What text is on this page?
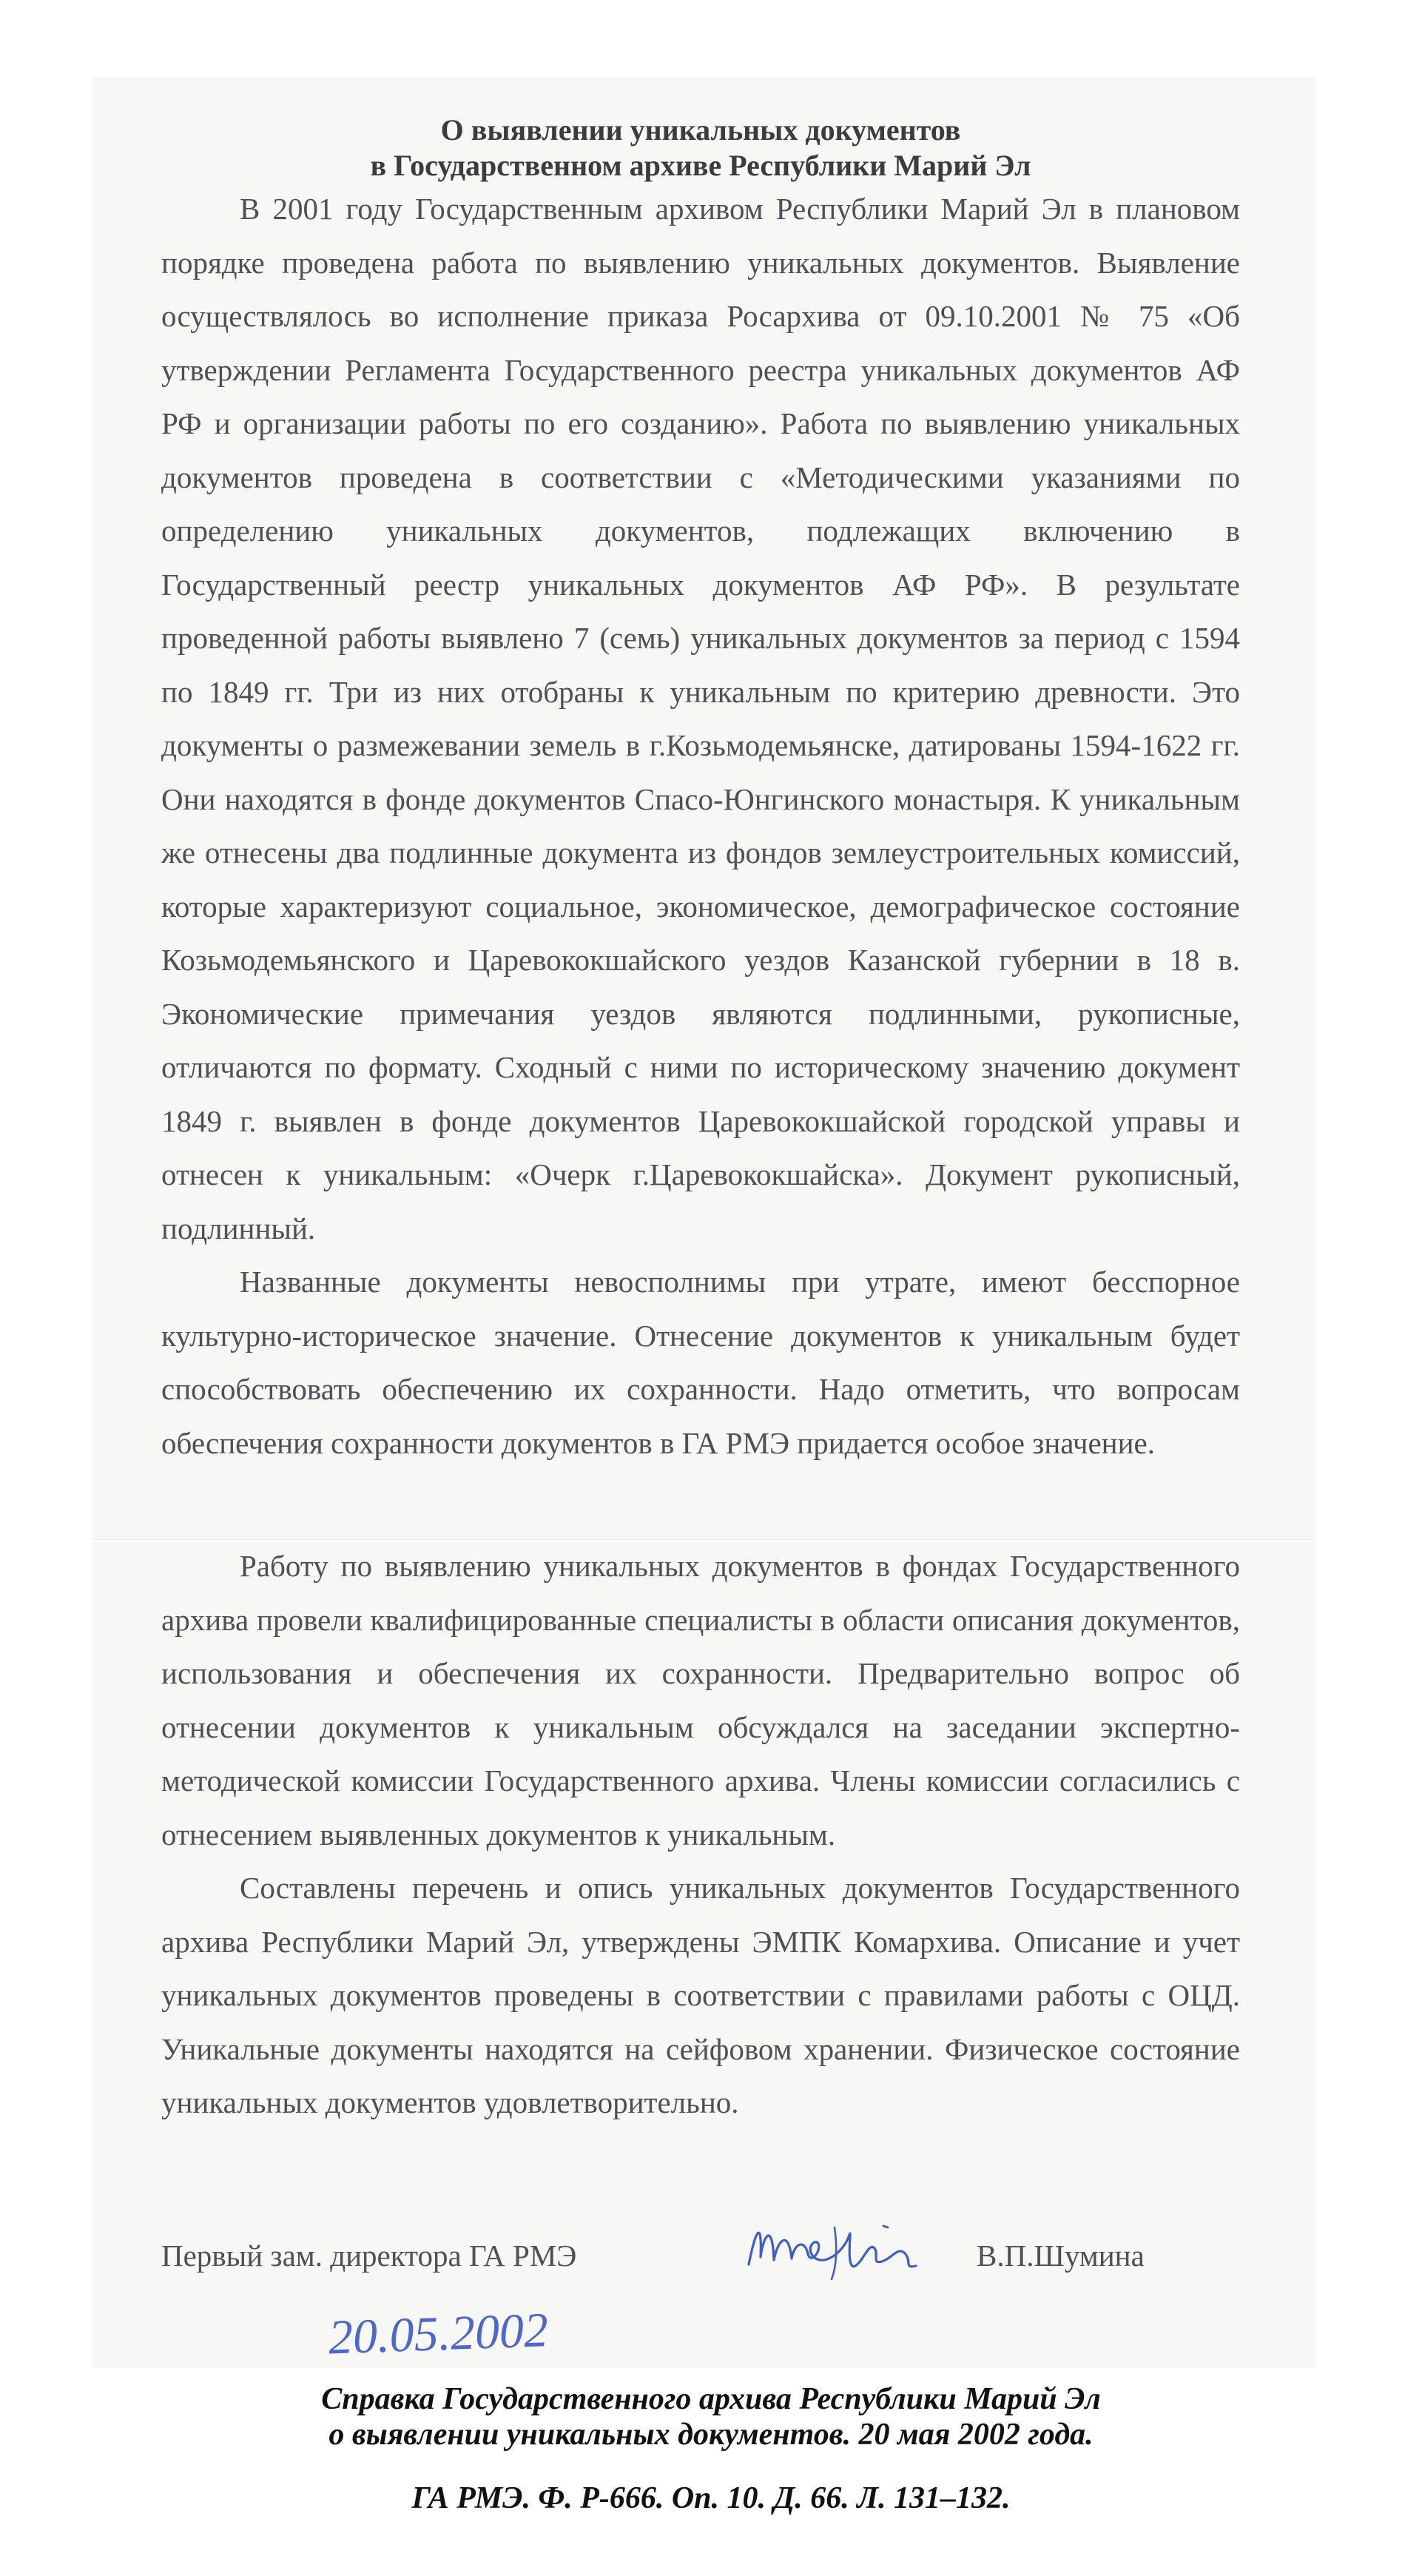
О выявлении уникальных документов
в Государственном архиве Республики Марий Эл

В 2001 году Государственным архивом Республики Марий Эл в плановом порядке проведена работа по выявлению уникальных документов. Выявление осуществлялось во исполнение приказа Росархива от 09.10.2001 № 75 «Об утверждении Регламента Государственного реестра уникальных документов АФ РФ и организации работы по его созданию». Работа по выявлению уникальных документов проведена в соответствии с «Методическими указаниями по определению уникальных документов, подлежащих включению в Государственный реестр уникальных документов АФ РФ». В результате проведенной работы выявлено 7 (семь) уникальных документов за период с 1594 по 1849 гг. Три из них отобраны к уникальным по критерию древности. Это документы о размежевании земель в г.Козьмодемьянске, датированы 1594-1622 гг. Они находятся в фонде документов Спасо-Юнгинского монастыря. К уникальным же отнесены два подлинные документа из фондов землеустроительных комиссий, которые характеризуют социальное, экономическое, демографическое состояние Козьмодемьянского и Царевококшайского уездов Казанской губернии в 18 в. Экономические примечания уездов являются подлинными, рукописные, отличаются по формату. Сходный с ними по историческому значению документ 1849 г. выявлен в фонде документов Царевококшайской городской управы и отнесен к уникальным: «Очерк г.Царевококшайска». Документ рукописный, подлинный.

Названные документы невосполнимы при утрате, имеют бесспорное культурно-историческое значение. Отнесение документов к уникальным будет способствовать обеспечению их сохранности. Надо отметить, что вопросам обеспечения сохранности документов в ГА РМЭ придается особое значение.

Работу по выявлению уникальных документов в фондах Государственного архива провели квалифицированные специалисты в области описания документов, использования и обеспечения их сохранности. Предварительно вопрос об отнесении документов к уникальным обсуждался на заседании экспертно-методической комиссии Государственного архива. Члены комиссии согласились с отнесением выявленных документов к уникальным.

Составлены перечень и опись уникальных документов Государственного архива Республики Марий Эл, утверждены ЭМПК Комархива. Описание и учет уникальных документов проведены в соответствии с правилами работы с ОЦД. Уникальные документы находятся на сейфовом хранении. Физическое состояние уникальных документов удовлетворительно.

Первый зам. директора ГА РМЭ	В.П.Шумина
20.05.2002
Справка Государственного архива Республики Марий Эл
о выявлении уникальных документов. 20 мая 2002 года.
ГА РМЭ. Ф. Р-666. Оп. 10. Д. 66. Л. 131–132.
